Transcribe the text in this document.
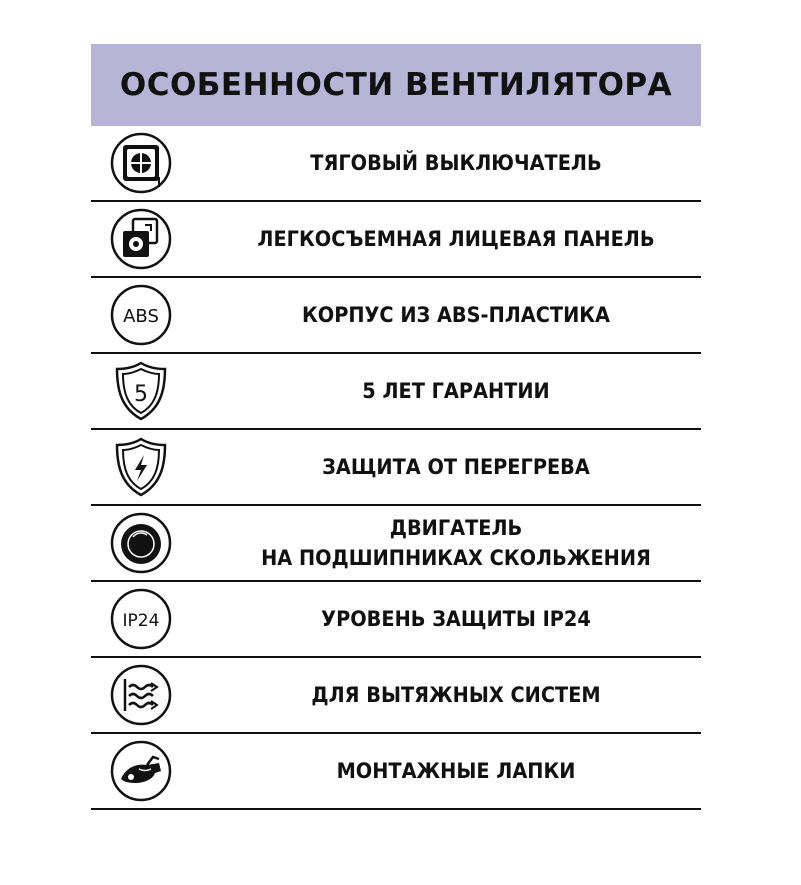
ОСОБЕННОСТИ ВЕНТИЛЯТОРА
ТЯГОВЫЙ ВЫКЛЮЧАТЕЛЬ
ЛЕГКОСЪЕМНАЯ ЛИЦЕВАЯ ПАНЕЛЬ
ABS	КОРПУС ИЗ ABS-ПЛАСТИКА
5	5 ЛЕТ ГАРАНТИИ
ЗАЩИТА ОТ ПЕРЕГРЕВА
ДВИГАТЕЛЬ
НА ПОДШИПНИКАХ СКОЛЬЖЕНИЯ
IP24	УРОВЕНЬ ЗАЩИТЫ IP24
ДЛЯ ВЫТЯЖНЫХ СИСТЕМ
МОНТАЖНЫЕ ЛАПКИ
